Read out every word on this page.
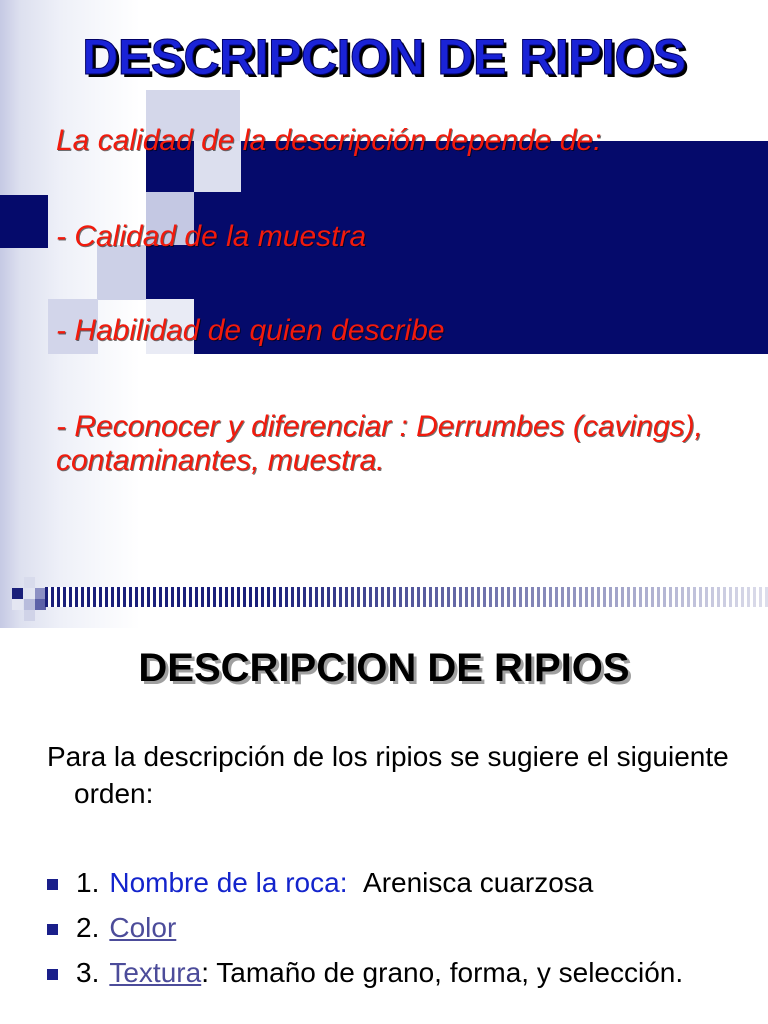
DESCRIPCION DE RIPIOS

La calidad de la descripción depende de:

- Calidad de la muestra

- Habilidad de quien describe

- Reconocer y diferenciar : Derrumbes (cavings), contaminantes, muestra.

DESCRIPCION DE RIPIOS

Para la descripción de los ripios se sugiere el siguiente orden:

1. Nombre de la roca: Arenisca cuarzosa
2. Color
3. Textura: Tamaño de grano, forma, y selección.
